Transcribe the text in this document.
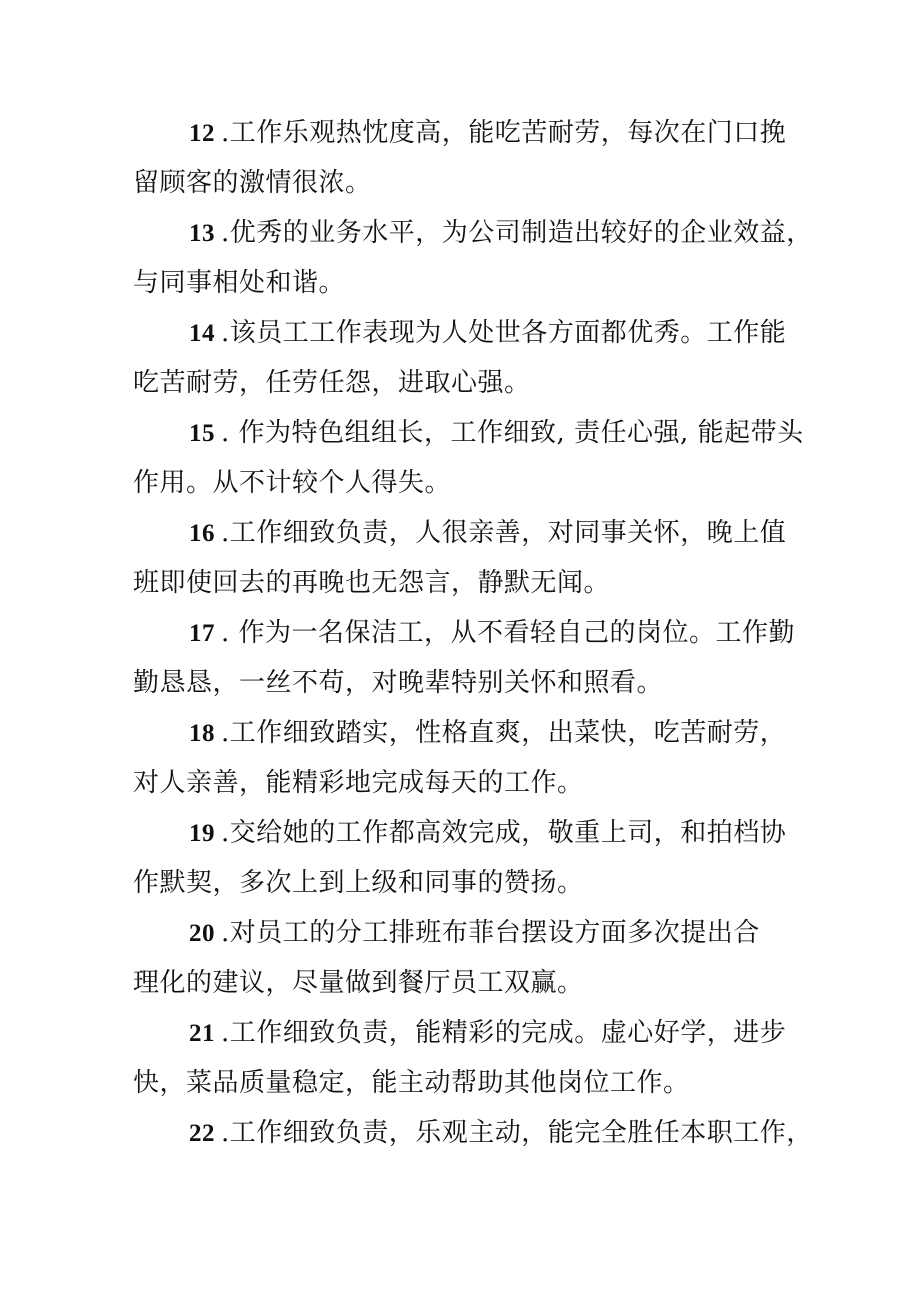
12 .工作乐观热忱度高，能吃苦耐劳，每次在门口挽
留顾客的激情很浓。
13 .优秀的业务水平，为公司制造出较好的企业效益，
与同事相处和谐。
14 .该员工工作表现为人处世各方面都优秀。工作能
吃苦耐劳，任劳任怨，进取心强。
15 . 作为特色组组长，工作细致, 责任心强, 能起带头
作用。从不计较个人得失。
16 .工作细致负责，人很亲善，对同事关怀，晚上值
班即使回去的再晚也无怨言，静默无闻。
17 . 作为一名保洁工，从不看轻自己的岗位。工作勤
勤恳恳，一丝不苟，对晚辈特别关怀和照看。
18 .工作细致踏实，性格直爽，出菜快，吃苦耐劳，
对人亲善，能精彩地完成每天的工作。
19 .交给她的工作都高效完成，敬重上司，和拍档协
作默契，多次上到上级和同事的赞扬。
20 .对员工的分工排班布菲台摆设方面多次提出合
理化的建议，尽量做到餐厅员工双赢。
21 .工作细致负责，能精彩的完成。虚心好学，进步
快，菜品质量稳定，能主动帮助其他岗位工作。
22 .工作细致负责，乐观主动，能完全胜任本职工作，
